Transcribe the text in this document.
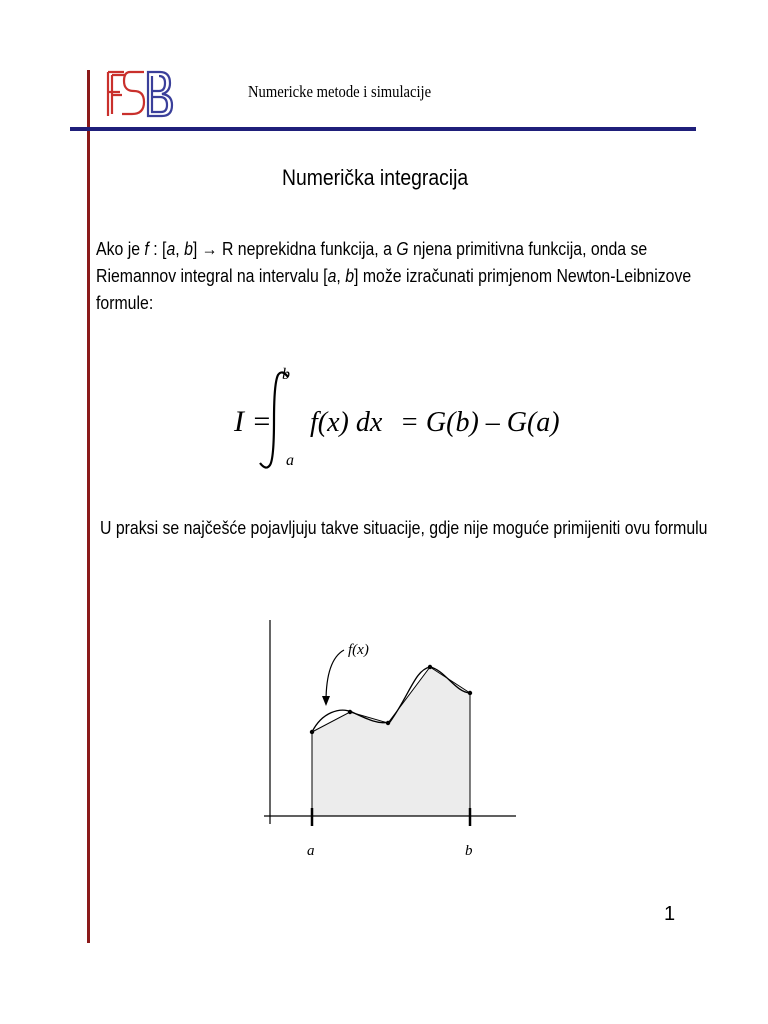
Numericke metode i simulacije
Numerička integracija
Ako je f : [a, b] → R neprekidna funkcija, a G njena primitivna funkcija, onda se
Riemannov integral na intervalu [a, b] može izračunati primjenom Newton-Leibnizove
formule:
I =
b
a
f(x) dx = G(b) – G(a)
U praksi se najčešće pojavljuju takve situacije, gdje nije moguće primijeniti ovu formulu
f(x)
a	b
1
